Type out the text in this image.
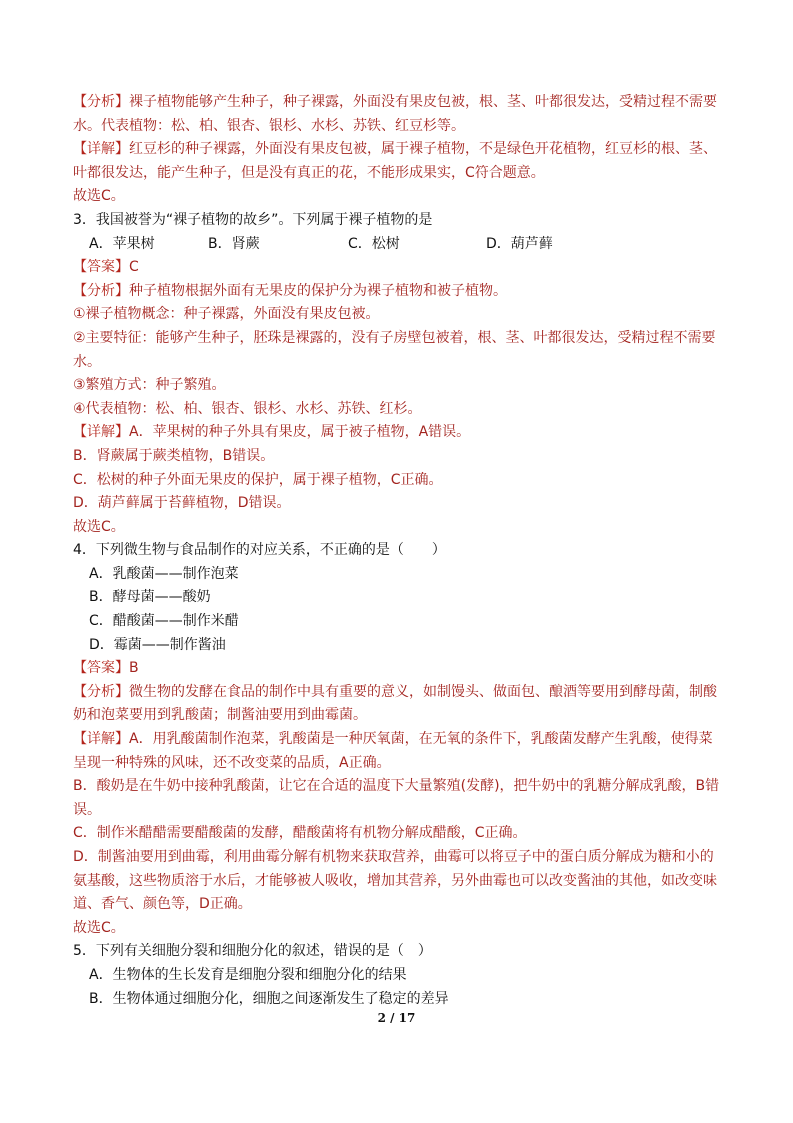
【分析】裸子植物能够产生种子，种子裸露，外面没有果皮包被，根、茎、叶都很发达，受精过程不需要
水。代表植物：松、柏、银杏、银杉、水杉、苏铁、红豆杉等。
【详解】红豆杉的种子裸露，外面没有果皮包被，属于裸子植物，不是绿色开花植物，红豆杉的根、茎、
叶都很发达，能产生种子，但是没有真正的花，不能形成果实，C符合题意。
故选C。
3．我国被誉为“裸子植物的故乡”。下列属于裸子植物的是
A．苹果树	B．肾蕨	C．松树	D．葫芦藓
【答案】C
【分析】种子植物根据外面有无果皮的保护分为裸子植物和被子植物。
①裸子植物概念：种子裸露，外面没有果皮包被。
②主要特征：能够产生种子，胚珠是裸露的，没有子房壁包被着，根、茎、叶都很发达，受精过程不需要
水。
③繁殖方式：种子繁殖。
④代表植物：松、柏、银杏、银杉、水杉、苏铁、红杉。
【详解】A．苹果树的种子外具有果皮，属于被子植物，A错误。
B．肾蕨属于蕨类植物，B错误。
C．松树的种子外面无果皮的保护，属于裸子植物，C正确。
D．葫芦藓属于苔藓植物，D错误。
故选C。
4．下列微生物与食品制作的对应关系，不正确的是（　　）
A．乳酸菌——制作泡菜
B．酵母菌——酸奶
C．醋酸菌——制作米醋
D．霉菌——制作酱油
【答案】B
【分析】微生物的发酵在食品的制作中具有重要的意义，如制馒头、做面包、酿酒等要用到酵母菌，制酸
奶和泡菜要用到乳酸菌；制酱油要用到曲霉菌。
【详解】A．用乳酸菌制作泡菜，乳酸菌是一种厌氧菌，在无氧的条件下，乳酸菌发酵产生乳酸，使得菜
呈现一种特殊的风味，还不改变菜的品质，A正确。
B．酸奶是在牛奶中接种乳酸菌，让它在合适的温度下大量繁殖(发酵)，把牛奶中的乳糖分解成乳酸，B错
误。
C．制作米醋醋需要醋酸菌的发酵，醋酸菌将有机物分解成醋酸，C正确。
D．制酱油要用到曲霉，利用曲霉分解有机物来获取营养，曲霉可以将豆子中的蛋白质分解成为糖和小的
氨基酸，这些物质溶于水后，才能够被人吸收，增加其营养，另外曲霉也可以改变酱油的其他，如改变味
道、香气、颜色等，D正确。
故选C。
5．下列有关细胞分裂和细胞分化的叙述，错误的是（　）
A．生物体的生长发育是细胞分裂和细胞分化的结果
B．生物体通过细胞分化，细胞之间逐渐发生了稳定的差异
2 / 17
